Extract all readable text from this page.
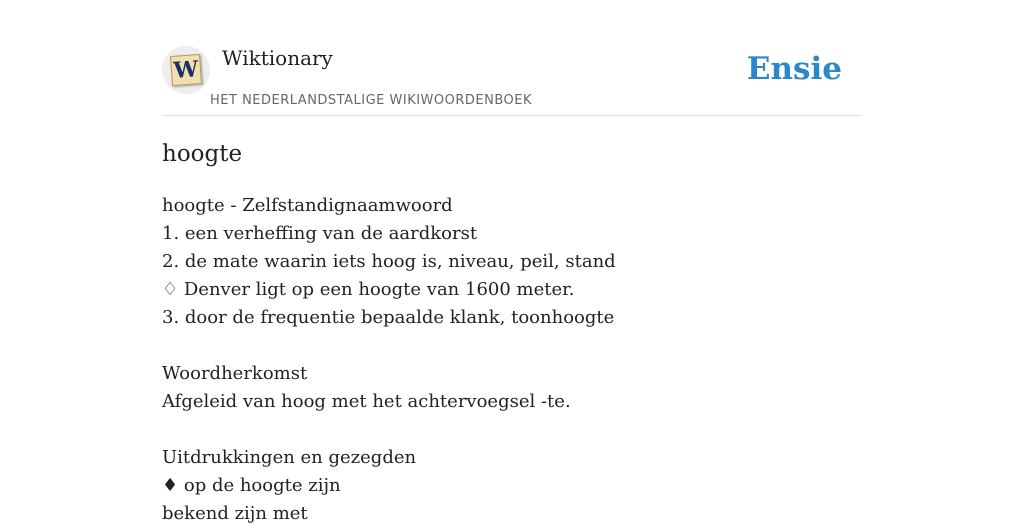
W Wiktionary
HET NEDERLANDSTALIGE WIKIWOORDENBOEK
Ensie
hoogte
hoogte - Zelfstandignaamwoord
1. een verheffing van de aardkorst
2. de mate waarin iets hoog is, niveau, peil, stand
♢ Denver ligt op een hoogte van 1600 meter.
3. door de frequentie bepaalde klank, toonhoogte
Woordherkomst
Afgeleid van hoog met het achtervoegsel -te.
Uitdrukkingen en gezegden
♦ op de hoogte zijn
bekend zijn met
